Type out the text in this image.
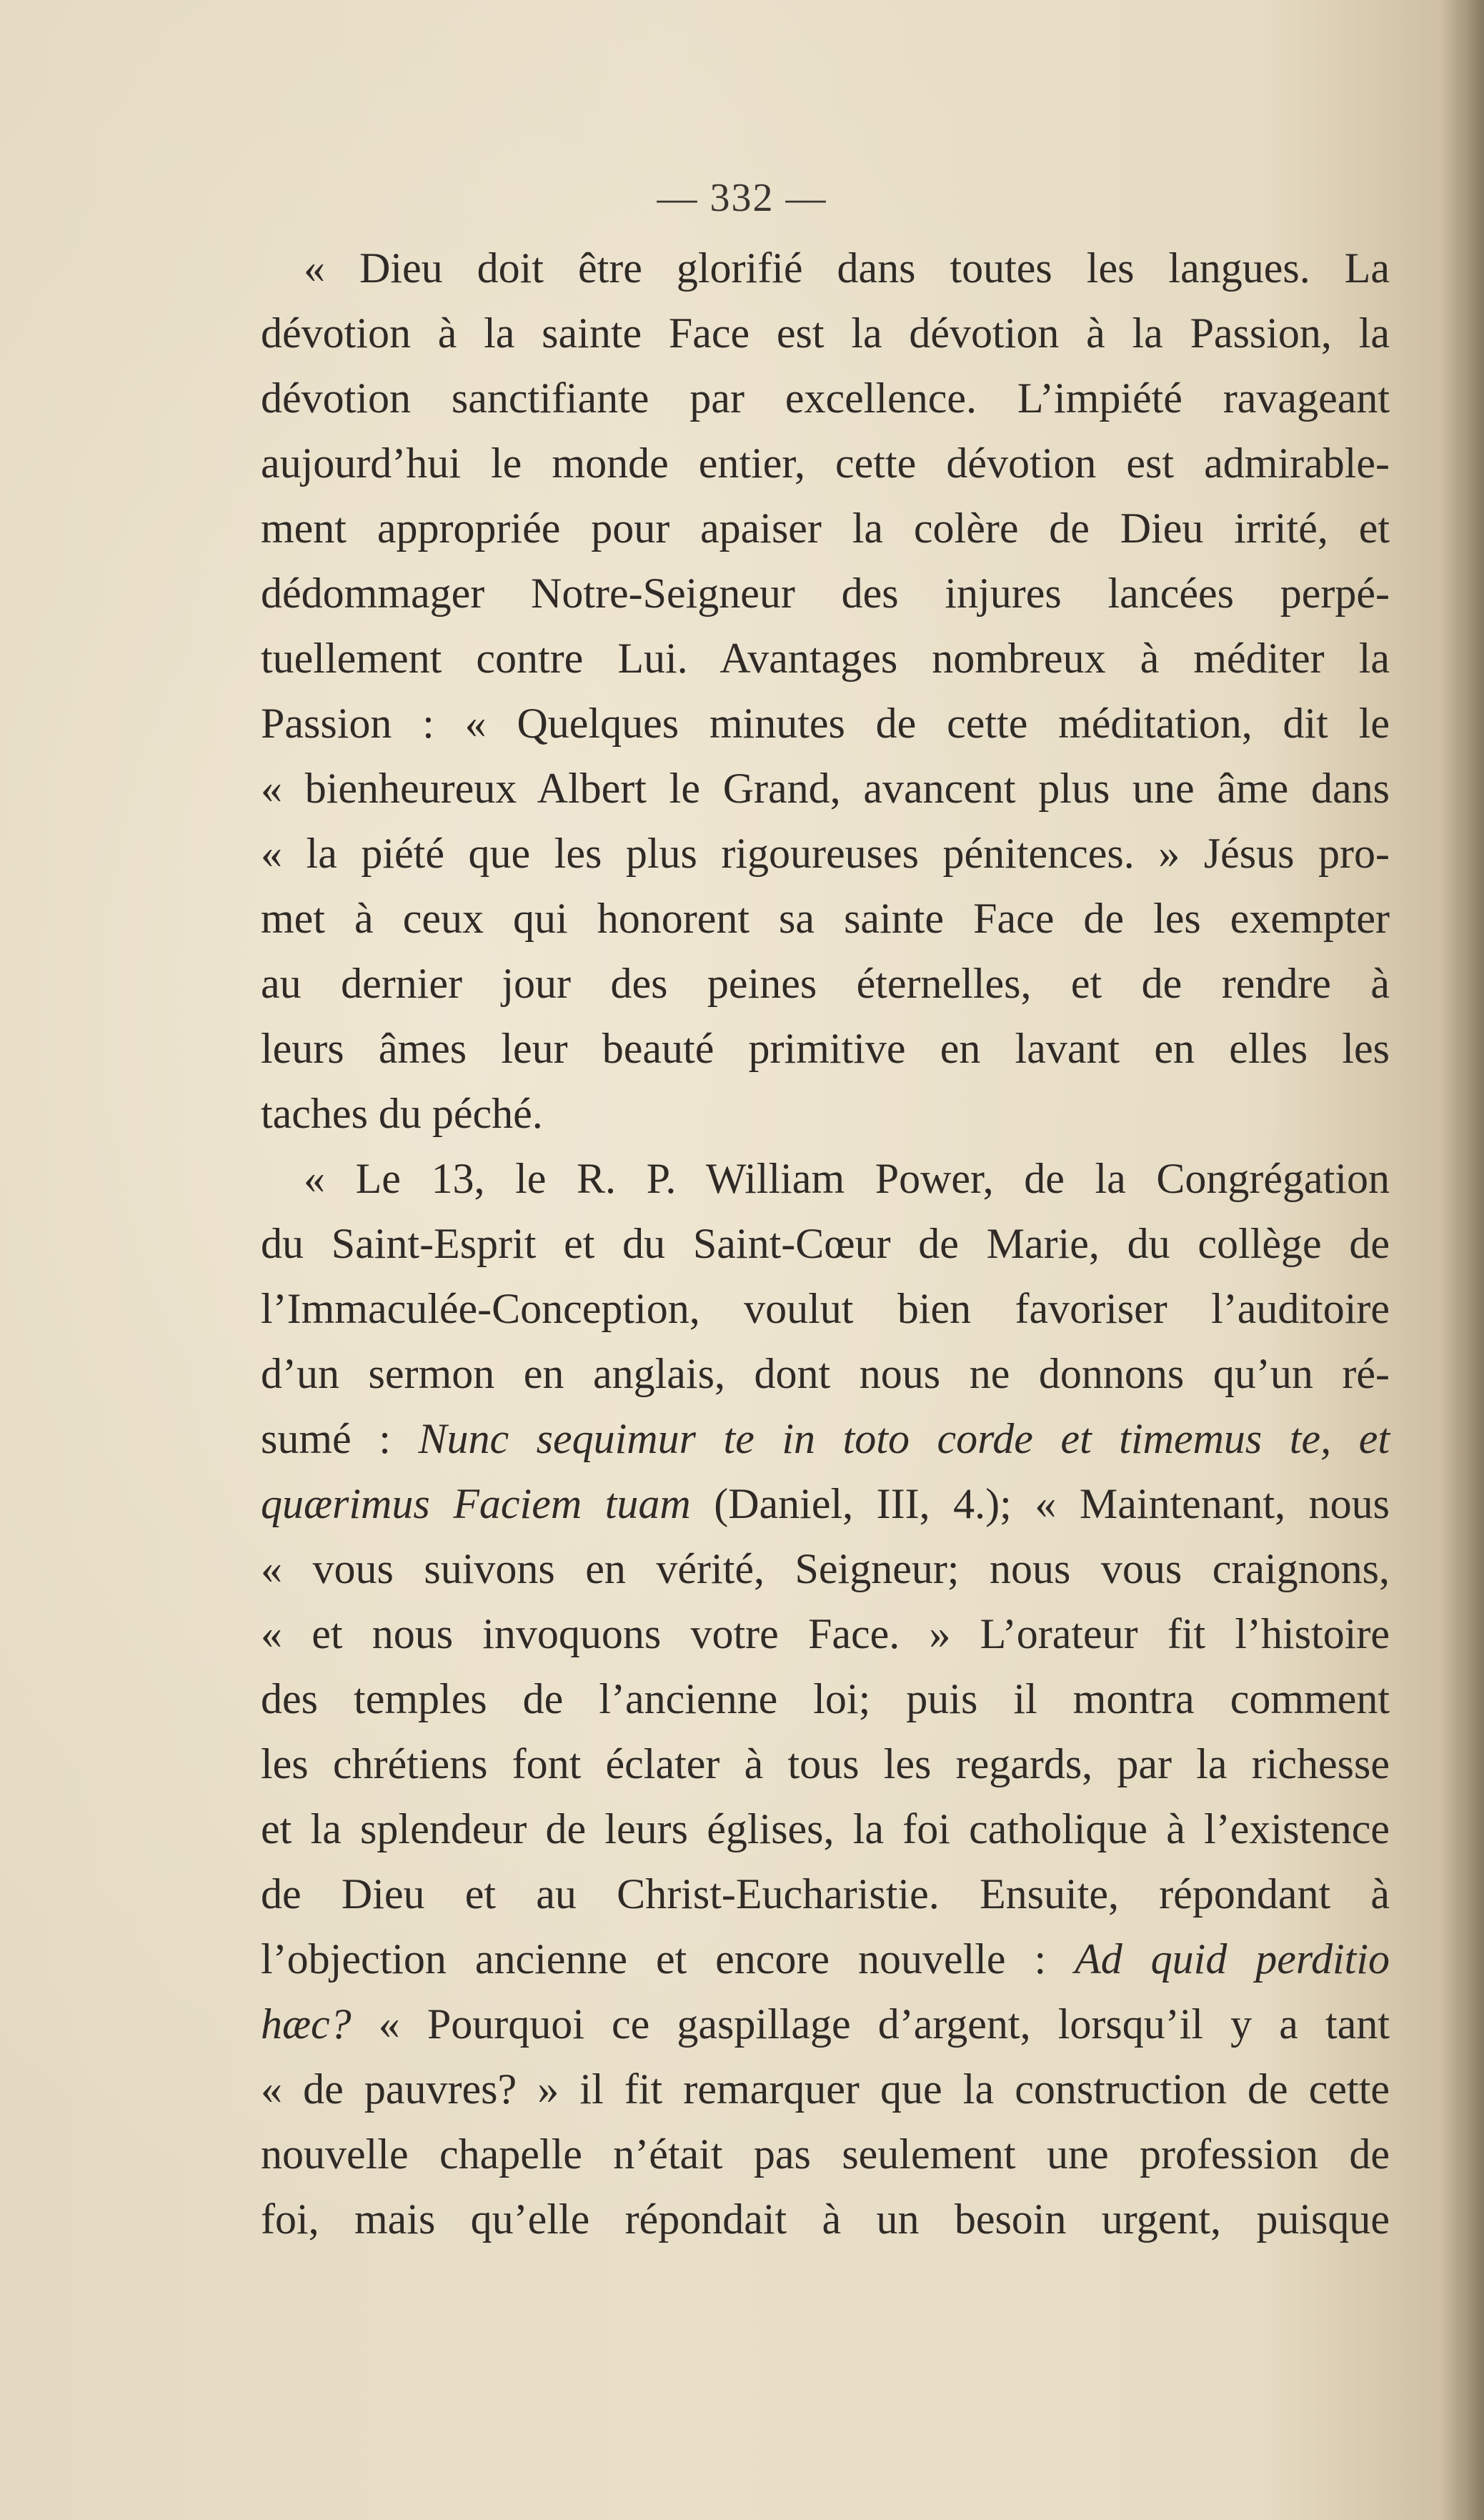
— 332 —
« Dieu doit être glorifié dans toutes les langues. La
dévotion à la sainte Face est la dévotion à la Passion, la
dévotion sanctifiante par excellence. L’impiété ravageant
aujourd’hui le monde entier, cette dévotion est admirable-
ment appropriée pour apaiser la colère de Dieu irrité, et
dédommager Notre-Seigneur des injures lancées perpé-
tuellement contre Lui. Avantages nombreux à méditer la
Passion : « Quelques minutes de cette méditation, dit le
« bienheureux Albert le Grand, avancent plus une âme dans
« la piété que les plus rigoureuses pénitences. » Jésus pro-
met à ceux qui honorent sa sainte Face de les exempter
au dernier jour des peines éternelles, et de rendre à
leurs âmes leur beauté primitive en lavant en elles les
taches du péché.
« Le 13, le R. P. William Power, de la Congrégation
du Saint-Esprit et du Saint-Cœur de Marie, du collège de
l’Immaculée-Conception, voulut bien favoriser l’auditoire
d’un sermon en anglais, dont nous ne donnons qu’un ré-
sumé : Nunc sequimur te in toto corde et timemus te, et
quærimus Faciem tuam (Daniel, III, 4.); « Maintenant, nous
« vous suivons en vérité, Seigneur; nous vous craignons,
« et nous invoquons votre Face. » L’orateur fit l’histoire
des temples de l’ancienne loi; puis il montra comment
les chrétiens font éclater à tous les regards, par la richesse
et la splendeur de leurs églises, la foi catholique à l’existence
de Dieu et au Christ-Eucharistie. Ensuite, répondant à
l’objection ancienne et encore nouvelle : Ad quid perditio
hæc? « Pourquoi ce gaspillage d’argent, lorsqu’il y a tant
« de pauvres? » il fit remarquer que la construction de cette
nouvelle chapelle n’était pas seulement une profession de
foi, mais qu’elle répondait à un besoin urgent, puisque
